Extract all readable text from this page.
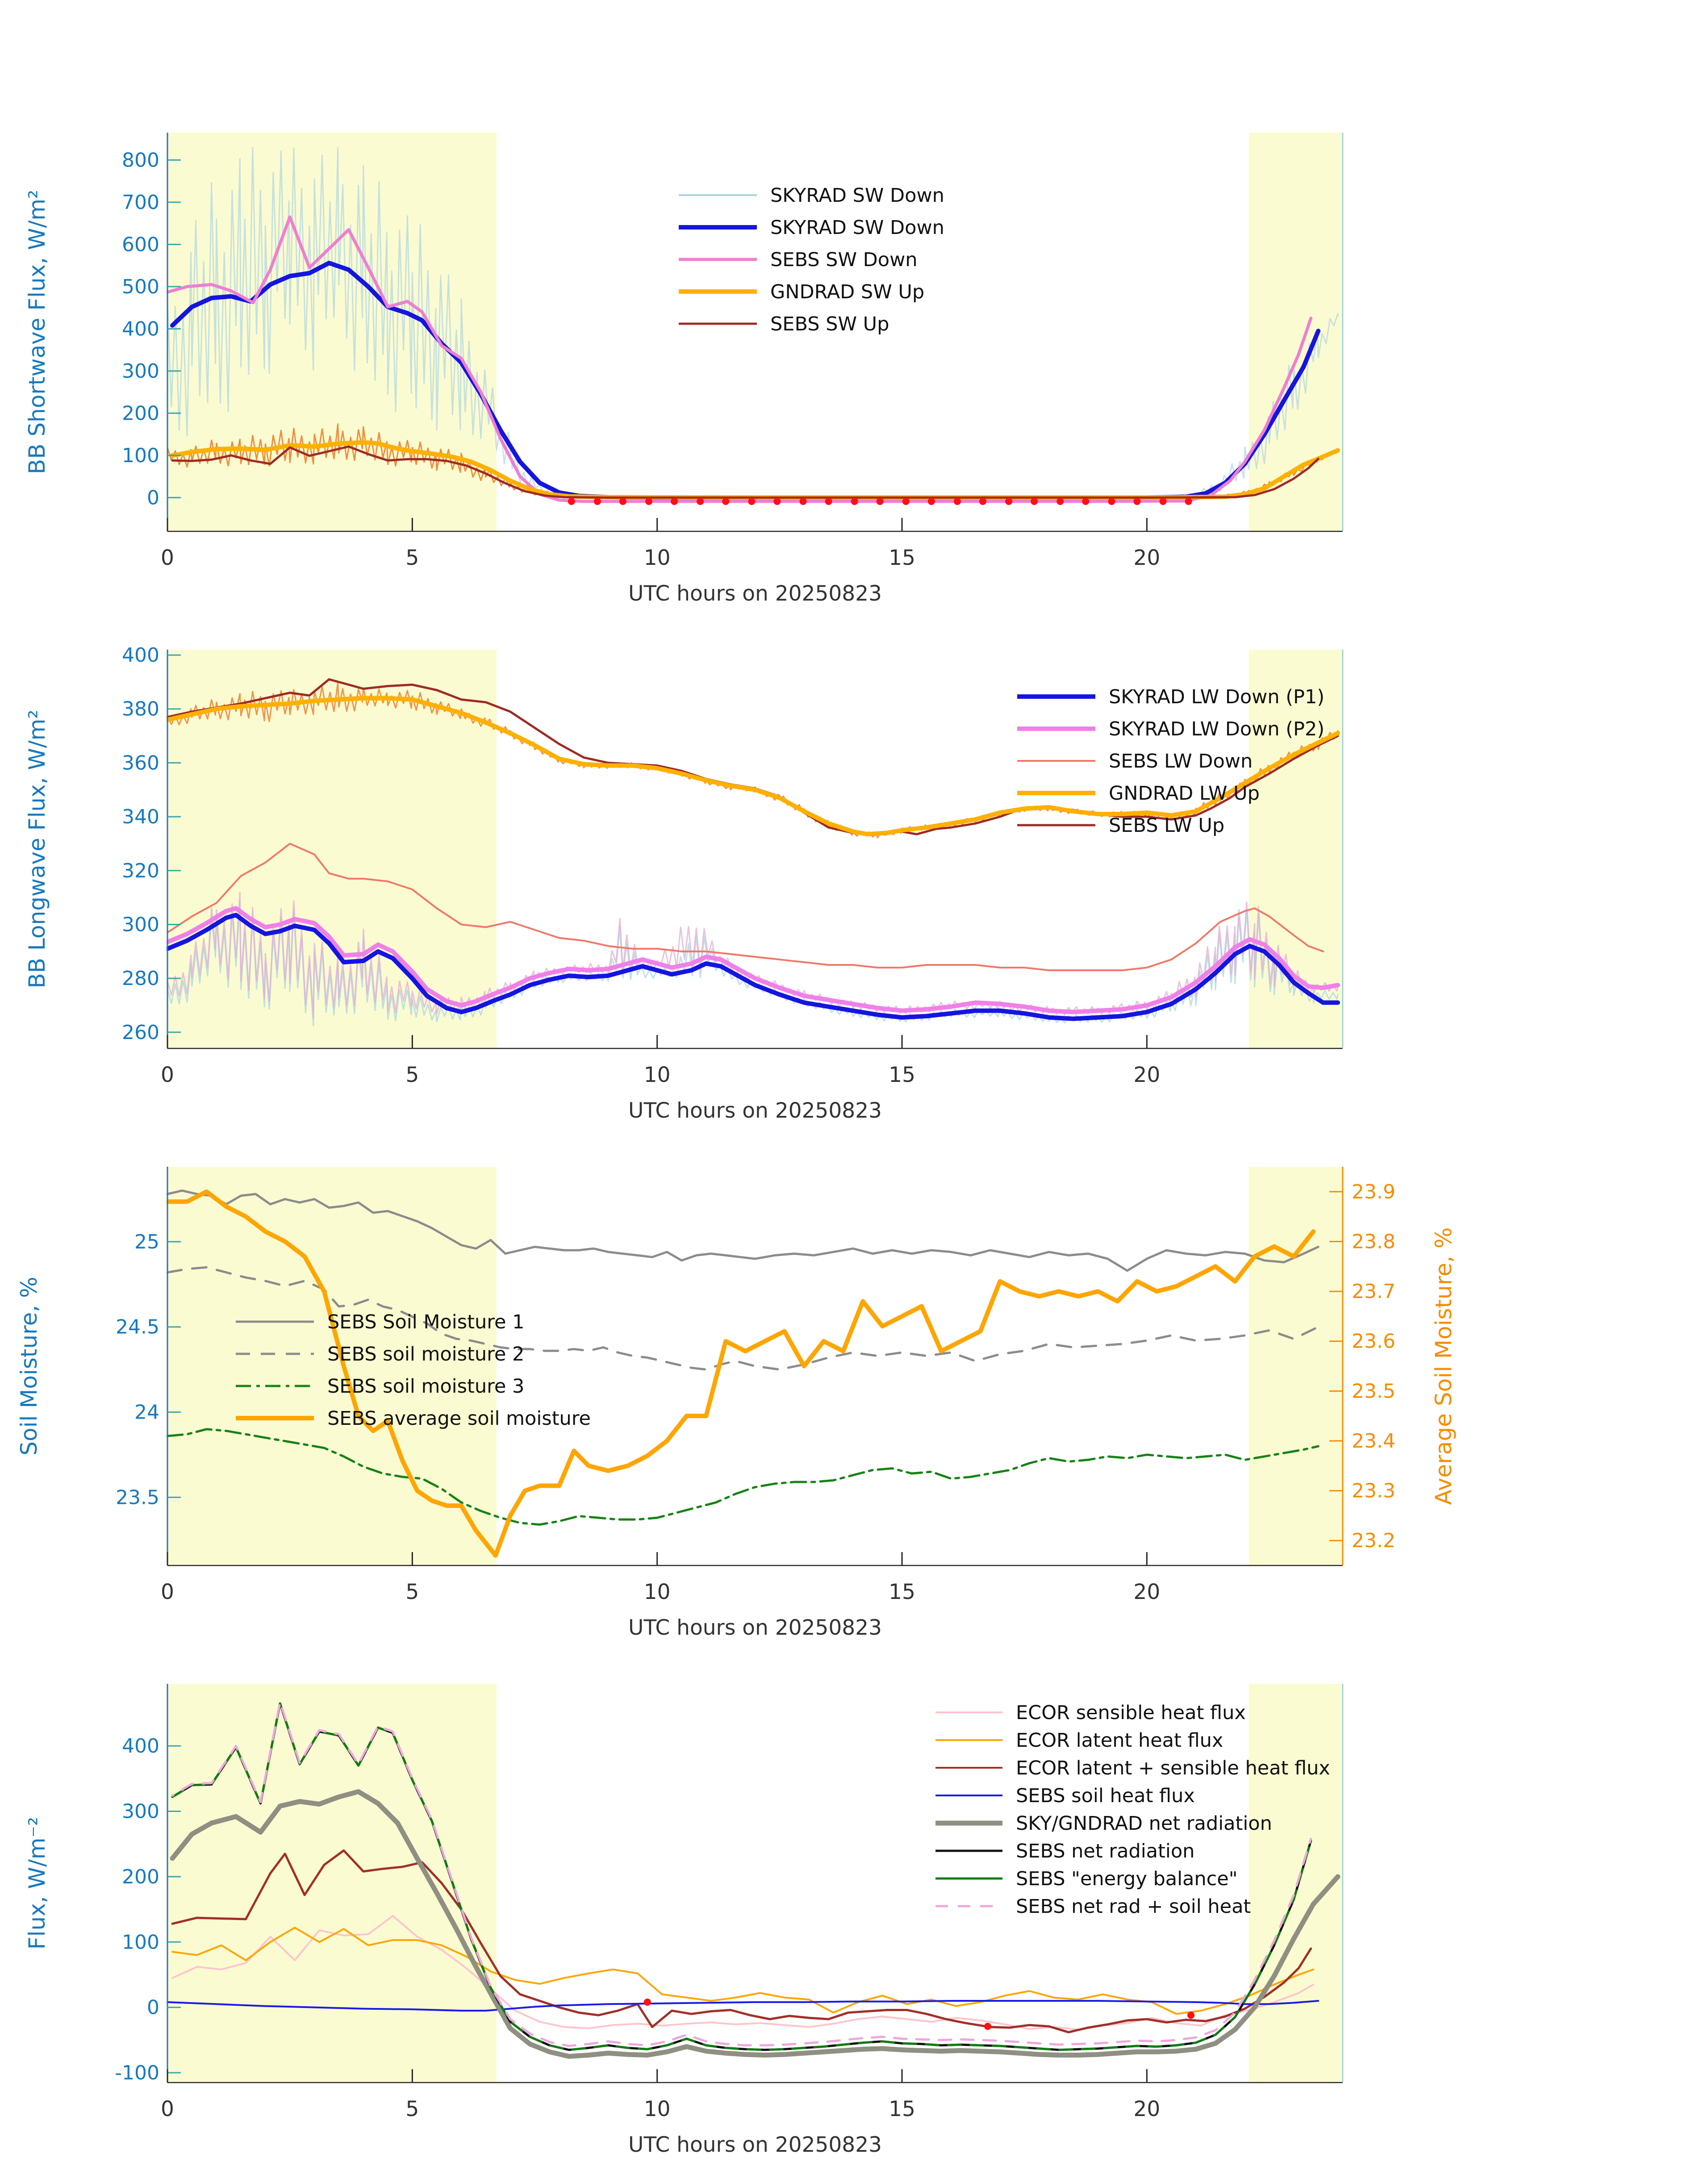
0
100
200
300
400
500
600
700
800
0	5	10	15	20
UTC hours on 20250823
BB Shortwave Flux, W/m²	SKYRAD SW Down
SKYRAD SW Down
SEBS SW Down
GNDRAD SW Up
SEBS SW Up
260
280
300
320
340
360
380
400
0	5	10	15	20
UTC hours on 20250823
BB Longwave Flux, W/m²
SKYRAD LW Down (P1)
SKYRAD LW Down (P2)
SEBS LW Down
GNDRAD LW Up
SEBS LW Up
23.5
24
24.5
25
23.2
23.3
23.4
23.5
23.6
23.7
23.8
23.9
Average Soil Moisture, %
0	5	10	15	20
UTC hours on 20250823
Soil Moisture, %	SEBS Soil Moisture 1
SEBS soil moisture 2
SEBS soil moisture 3
SEBS average soil moisture
-100
0
100
200
300
400
0	5	10	15	20
UTC hours on 20250823
Flux, W/m⁻²
ECOR sensible heat flux
ECOR latent heat flux
ECOR latent + sensible heat flux
SEBS soil heat flux
SKY/GNDRAD net radiation
SEBS net radiation
SEBS "energy balance"
SEBS net rad + soil heat
